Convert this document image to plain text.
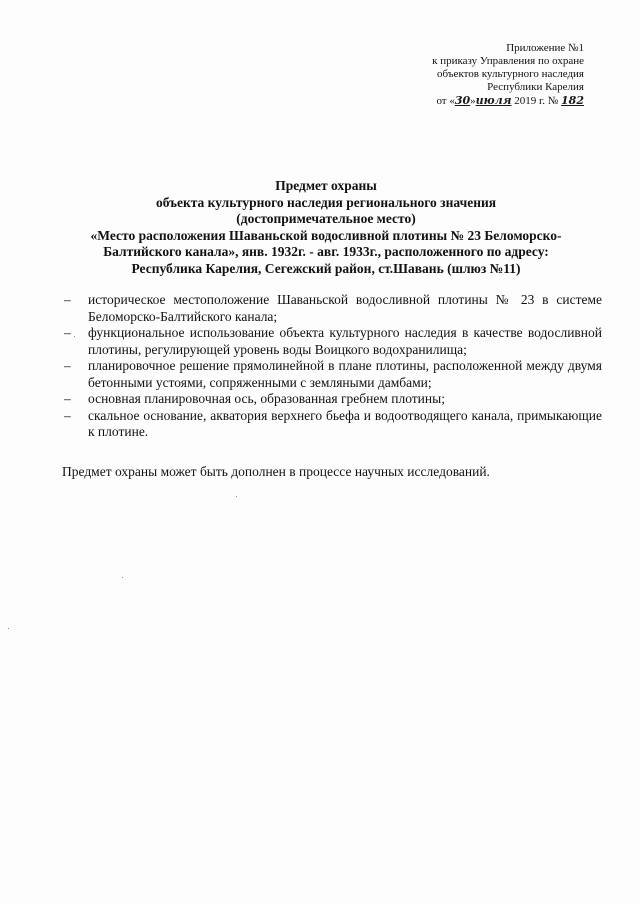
Приложение №1
к приказу Управления по охране
объектов культурного наследия
Республики Карелия
от «30»июля 2019 г. № 182
Предмет охраны
объекта культурного наследия регионального значения
(достопримечательное место)
«Место расположения Шаваньской водосливной плотины № 23 Беломорско-
Балтийского канала», янв. 1932г. - авг. 1933г., расположенного по адресу:
Республика Карелия, Сегежский район, ст.Шавань (шлюз №11)
– историческое местоположение Шаваньской водосливной плотины № 23 в системе Беломорско-Балтийского канала;
– функциональное использование объекта культурного наследия в качестве водосливной плотины, регулирующей уровень воды Воицкого водохранилища;
– планировочное решение прямолинейной в плане плотины, расположенной между двумя бетонными устоями, сопряженными с земляными дамбами;
– основная планировочная ось, образованная гребнем плотины;
– скальное основание, акватория верхнего бьефа и водоотводящего канала, примыкающие к плотине.
Предмет охраны может быть дополнен в процессе научных исследований.
